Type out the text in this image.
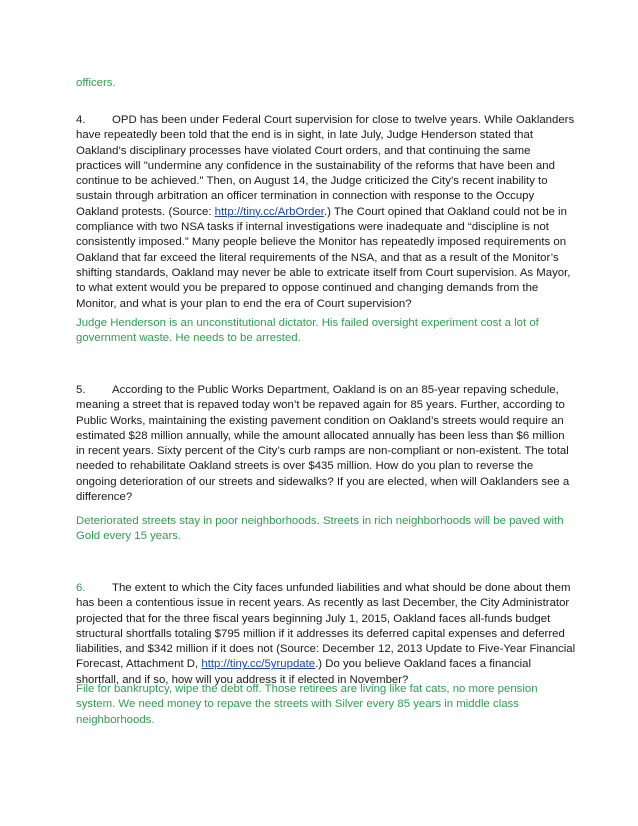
officers.

4. OPD has been under Federal Court supervision for close to twelve years. While Oaklanders have repeatedly been told that the end is in sight, in late July, Judge Henderson stated that Oakland’s disciplinary processes have violated Court orders, and that continuing the same practices will "undermine any confidence in the sustainability of the reforms that have been and continue to be achieved." Then, on August 14, the Judge criticized the City’s recent inability to sustain through arbitration an officer termination in connection with response to the Occupy Oakland protests. (Source: http://tiny.cc/ArbOrder.) The Court opined that Oakland could not be in compliance with two NSA tasks if internal investigations were inadequate and “discipline is not consistently imposed.” Many people believe the Monitor has repeatedly imposed requirements on Oakland that far exceed the literal requirements of the NSA, and that as a result of the Monitor’s shifting standards, Oakland may never be able to extricate itself from Court supervision. As Mayor, to what extent would you be prepared to oppose continued and changing demands from the Monitor, and what is your plan to end the era of Court supervision?

Judge Henderson is an unconstitutional dictator. His failed oversight experiment cost a lot of government waste. He needs to be arrested.

5. According to the Public Works Department, Oakland is on an 85-year repaving schedule, meaning a street that is repaved today won’t be repaved again for 85 years. Further, according to Public Works, maintaining the existing pavement condition on Oakland’s streets would require an estimated $28 million annually, while the amount allocated annually has been less than $6 million in recent years. Sixty percent of the City’s curb ramps are non-compliant or non-existent. The total needed to rehabilitate Oakland streets is over $435 million. How do you plan to reverse the ongoing deterioration of our streets and sidewalks? If you are elected, when will Oaklanders see a difference?

Deteriorated streets stay in poor neighborhoods. Streets in rich neighborhoods will be paved with Gold every 15 years.

6. The extent to which the City faces unfunded liabilities and what should be done about them has been a contentious issue in recent years. As recently as last December, the City Administrator projected that for the three fiscal years beginning July 1, 2015, Oakland faces all-funds budget structural shortfalls totaling $795 million if it addresses its deferred capital expenses and deferred liabilities, and $342 million if it does not (Source: December 12, 2013 Update to Five-Year Financial Forecast, Attachment D, http://tiny.cc/5yrupdate.) Do you believe Oakland faces a financial shortfall, and if so, how will you address it if elected in November?

File for bankruptcy, wipe the debt off. Those retirees are living like fat cats, no more pension system. We need money to repave the streets with Silver every 85 years in middle class neighborhoods.
